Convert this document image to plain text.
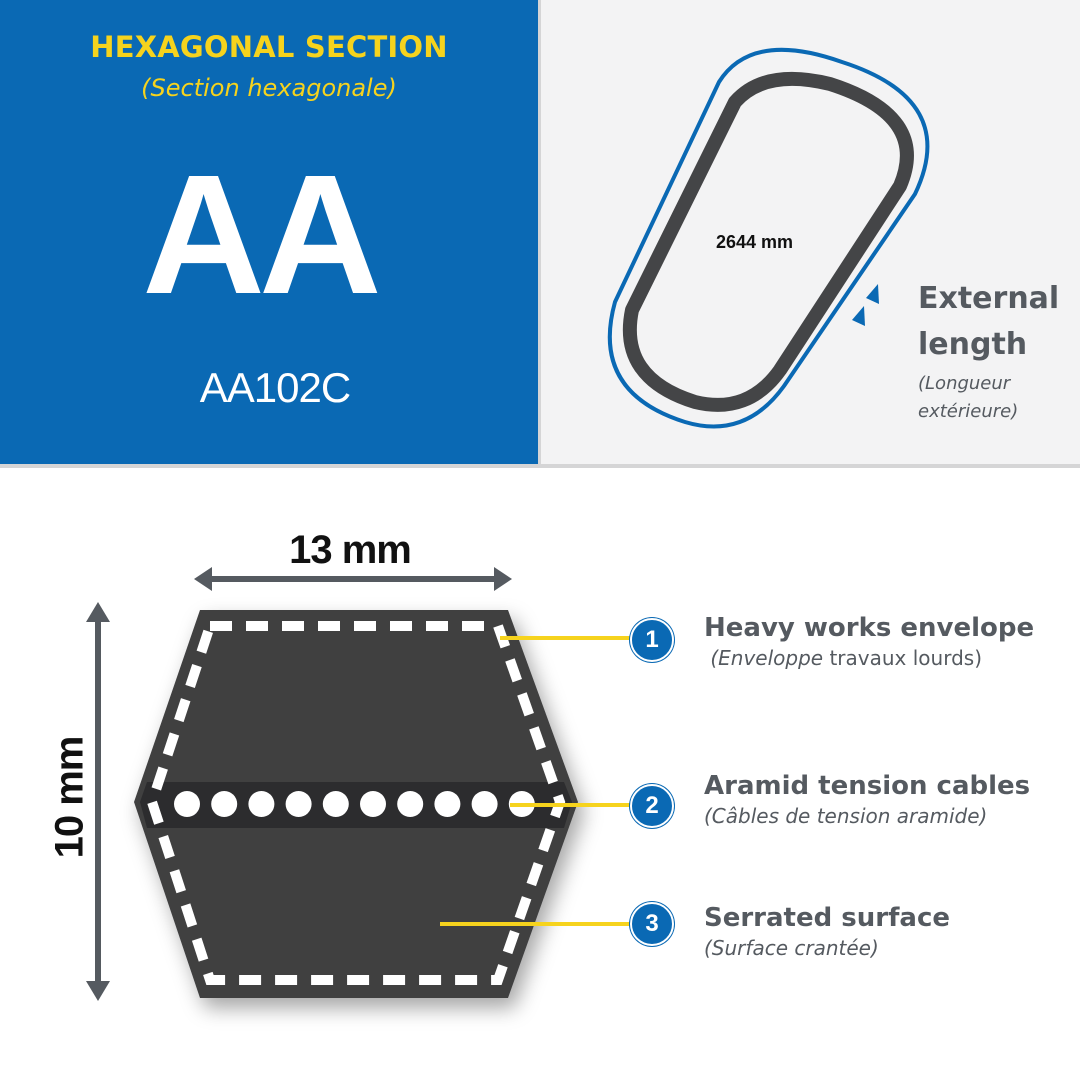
HEXAGONAL SECTION
(Section hexagonale)
AA
AA102C
2644 mm
External
length
(Longueur
extérieure)
13 mm
10 mm
1
2
3
Heavy works envelope
(Enveloppe travaux lourds)
Aramid tension cables
(Câbles de tension aramide)
Serrated surface
(Surface crantée)
